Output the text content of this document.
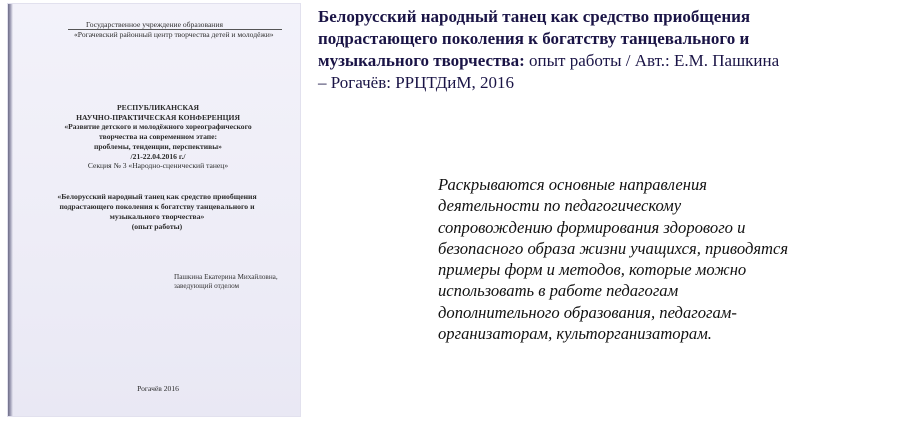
Государственное учреждение образования
«Рогачевский районный центр творчества детей и молодёжи»
РЕСПУБЛИКАНСКАЯ
НАУЧНО-ПРАКТИЧЕСКАЯ КОНФЕРЕНЦИЯ
«Развитие детского и молодёжного хореографического
творчества на современном этапе:
проблемы, тенденции, перспективы»
/21-22.04.2016 г./
Секция № 3 «Народно-сценический танец»
«Белорусский народный танец как средство приобщения
подрастающего поколения к богатству танцевального и
музыкального творчества»
(опыт работы)
Пашкина Екатерина Михайловна,
заведующий отделом
Рогачёв 2016
Белорусский народный танец как средство приобщения
подрастающего поколения к богатству танцевального и
музыкального творчества: опыт работы / Авт.: Е.М. Пашкина
– Рогачёв: РРЦТДиМ, 2016
Раскрываются основные направления
деятельности по педагогическому
сопровождению формирования здорового и
безопасного образа жизни учащихся, приводятся
примеры форм и методов, которые можно
использовать в работе педагогам
дополнительного образования, педагогам-
организаторам, культорганизаторам.
